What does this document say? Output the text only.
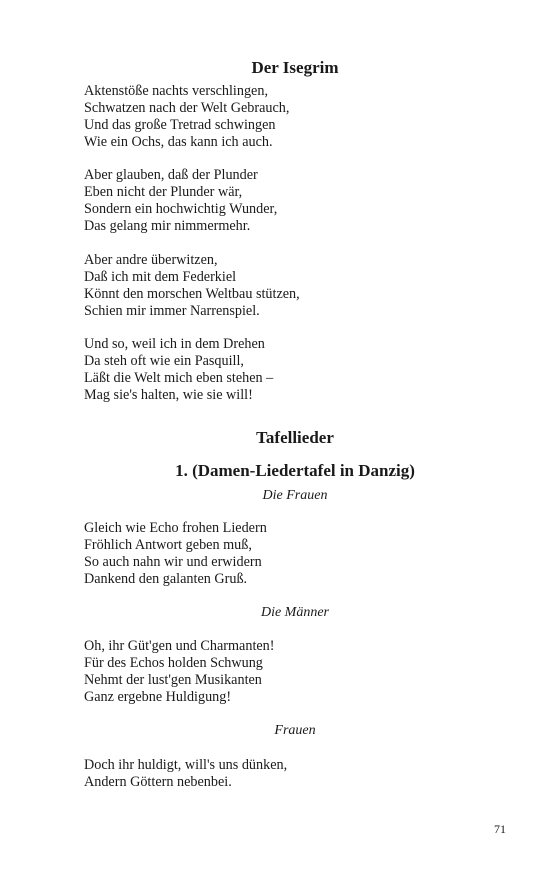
Der Isegrim
Aktenstöße nachts verschlingen,
Schwatzen nach der Welt Gebrauch,
Und das große Tretrad schwingen
Wie ein Ochs, das kann ich auch.
Aber glauben, daß der Plunder
Eben nicht der Plunder wär,
Sondern ein hochwichtig Wunder,
Das gelang mir nimmermehr.
Aber andre überwitzen,
Daß ich mit dem Federkiel
Könnt den morschen Weltbau stützen,
Schien mir immer Narrenspiel.
Und so, weil ich in dem Drehen
Da steh oft wie ein Pasquill,
Läßt die Welt mich eben stehen –
Mag sie's halten, wie sie will!
Tafellieder
1. (Damen-Liedertafel in Danzig)

Die Frauen

Gleich wie Echo frohen Liedern
Fröhlich Antwort geben muß,
So auch nahn wir und erwidern
Dankend den galanten Gruß.

Die Männer

Oh, ihr Güt'gen und Charmanten!
Für des Echos holden Schwung
Nehmt der lust'gen Musikanten
Ganz ergebne Huldigung!

Frauen

Doch ihr huldigt, will's uns dünken,
Andern Göttern nebenbei.

71
